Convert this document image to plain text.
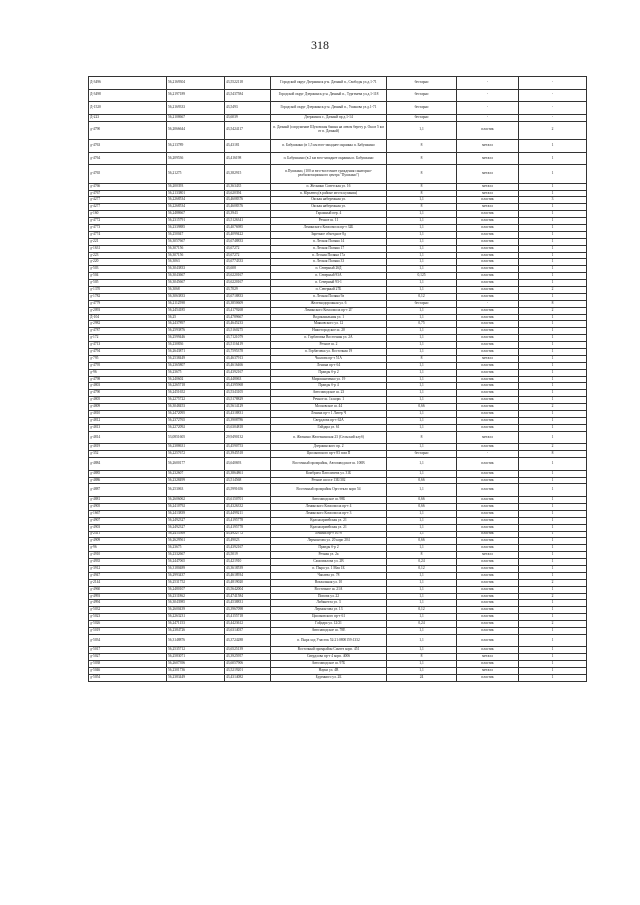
318
Д-3496	56,2169304	43,5522118	Городской округ Дзержинск р-н. Дачный п., Свободы ул.д.1-71	бестарно	-	-
Д-3498	56,2197189	43,5437584	Городской округ Дзержинск р-н. Дачный п., Тургенева ул.д.1-118	бестарно	-	-
Д-1520	56,2169333	43,5493	Городской округ Дзержинск р-н. Дачный п., Ушакова ул.д.1-71	бестарно	-	-
Д-223	56,2108667	43,6039	Дзержинск г., Дачный пр д.1-14	бестарно	-	-
д-4790	56,2066644	43,5424117	п. Дачный (сооружение Шуховская башня на левом берегу р. Ока в 5 км от п. Дачный)	1,1	пластик	2
д-4763	56,213789	43,43181	п. Бабушкино (в 1,5 км юго-западнее окраины п. Бабушкино	8	металл	1
д-4764	56,209536	43,416198	п. Бабушкино (в 2 км юго-западнее окраины п. Бабушкино	8	металл	1
д-4765	56,21275	43,382915	п.Пушкино, (100 м юго-восточнее граждения санаторно-реабилитационного центра "Пушкино")	8	металл	1
д-4766	56,200393	43,363435	п. Желнино Советская ул. 16	8	металл	1
д-4767	56,2133801	43,620394	п. Юрьевец (в районе места купания)	8	металл	1
д-4277	56,2268534	43,4608376	Окская набережная ул.	1,1	пластик	3
д-4277	56,2268534	43,4608376	Окская набережная ул.	8	металл	1
д-160	56,2488667	43,3943	Гаражный пер. 4	1,1	пластик	1
д-4772	56,2315791	43,5126341	Речное ш. 11	1,1	пластик	1
д-4773	56,2339885	43,4076985	Ленинского Комсомола пр-т 32Б	1,1	пластик	1
д-4774	56,250047	43,4099422	Заречное объездное 8д	1,1	пластик	1
д-221	56,3057667	43,6748833	п. Лесная Поляна 14	1,1	пластик	1
д-1631	56,307156	43,67272	п. Лесная Поляна 17	1,1	пластик	1
д-223	56,307156	43,67272	п. Лесная Поляна 17а	1,1	пластик	1
д-220	56,3063	43,6774333	п. Лесная Поляна 33	1,1	пластик	1
д-503	56,3043833	43,608	п. Северный 26Д	1,1	пластик	1
д-504	56,3043667	43,6220167	п. Северный 93А	0,125	пластик	1
д-505	56,3045667	43,6220167	п. Северный 93-1	1,1	пластик	1
д-1370	56,3068	43,7029	п. Северный 27Б	1,1	пластик	2
д-1782	56,3063833	43,6718833	п. Лесная Поляна 9а	0,12	пластик	1
д-4779	56,2112598	43,3850609	Железнодорожная ул. 6	бестарно	-	8
д-2093	56,2454185	43,4179268	Ленинского Комсомола пр-т 2Г	1,1	пластик	2
Д-104	56,25	43,4789667	Водоканальная ул. 1	1,1	пластик	1
д-2982	56,2437897	43,4645233	Маяковского ул. 12	0,75	пластик	1
д-4787	56,2593876	43,5160275	Нижегородское ш. 20	1,1	пластик	1
д-172	56,2599446	43,7121079	п. Горбатовка Восточная ул. 2А	1,1	пластик	1
д-4713	56,230836	43,5116419	Речное ш. 2	1,1	пластик	1
д-4794	56,2643871	43,7595378	п. Горбатовка ул. Восточная 19	1,1	пластик	1
д-795	56,2538449	43,4637913	Чкалова пр-т 51А	8	металл	1
д-4795	56,2365807	43,4616466	Ленина пр-т 64	1,1	пластик	1
д-96	56,23675	43,4392167	Правды б-р 2	1,1	пластик	1
д-4798	56,240602	43,448063	Мирошниченко ул. 19	1,1	пластик	1
д-4803	56,2265718	43,4395968	Правды б-р 4	1,1	пластик	1
д-4790	56,2451652	43,5343105	Автозаводское ш. 23	1,1	пластик	1
д-4805	56,2275722	43,5178829	Речное ш. 1а корп. 1	1,1	пластик	1
д-4809	56,3048453	43,5614129	Московское ш. 44	0,66	пластик	2
д-4810	56,2472095	43,4318831	Ленина пр-т 1 Литер Ч	1,1	пластик	1
д-4812	56,2372765	43,3908786	Свердлова пр-т 62А	1,1	пластик	1
д-4813	56,2272092	43,6304818	Гайдара ул. 61	1,1	пластик	1
д-4814	53,0851605	29,9490132	п. Желнино Железнинская 23 (Сельский клуб)	8	металл	1
д-4819	56,2388631	43,4590753	Дзержинского пр. 2	1,1	пластик	2
д-352	56,2257672	43,3945518	Циолковского пр-т 83 пом П	бестарно	-	8
д-4884	56,2600177	43,640693	Восточный промрайон, Автозаводское ш. 100В	1,1	пластик	1
д-4885	56,232607	43,3864861	Комбрига Патоличева ул. 31Б	1,1	пластик	1
д-4886	56,2328499	43,514568	Речное шоссе 13Б/302	0,66	пластик	1
д-4887	56,253063	43,5991656	Восточный промрайон Оргстекло корп 54	1,1	пластик	1
д-4881	56,2606062	43,6150701	Автозаводское ш. 98Б	0,66	пластик	1
д-4905	56,2410792	43,4326332	Ленинского Комсомола пр-т 4	0,66	пластик	1
д-1667	56,2413839	43,4499211	Ленинского Комсомола пр-т 3	1,1	пластик	1
д-4907	56,2492327	43,4195778	Красноармейская ул. 21	1,1	пластик	1
д-4903	56,2492327	43,4195778	Красноармейская ул. 21	1,1	пластик	1
д-2411	56,2415569	43,4922772	Ленина пр-т 107б	1,1	пластик	1
д-4909	56,2629561	43,49023	Лермонтова ул. 20 корп 204	0,66	пластик	1
д-96	56,23675	43,4392167	Правды б-р 2	1,1	пластик	1
д-4910	56,2332667	43,5019	Речная ул. 2а	8	металл	1
д-4935	56,2447065	43,421910	Самохвалова ул. 2В	0,24	пластик	1
д-3912	56,3180489	43,3618539	п. Пыра ул. 1 Мая 1Б	0,12	пластик	1
д-4947	56,2993437	43,4618934	Чапаева ул. 78	1,1	пластик	1
д-2144	56,2531752	43,4819020	Вокзальная ул. 10	1,1	пластик	2
д-4960	56,2480107	43,5642004	Восточное ш. 21А	1,1	пластик	1
д-4993	56,2311862	43,4741584	Попова ул. 22	1,1	пластик	2
д-4994	56,3043985	43,4538831	Либкнехта ул. 3	1,1	пластик	1
д-5032	56,2600439	43,3967098	Лермонтова ул. 13	0,12	пластик	1
д-5023	56,2263231	43,4155718	Циолковского пр-т 61	1,1	пластик	1
д-5026	56,2471153	43,4423612	Гайдара ул. 12/21	0,24	пластик	2
д-5019	56,2384726	43,6314037	Автозаводское ш. 78Е	1,1	пластик	1
д-5034	56,3148876	43,3724288	п. Пыра ход Участок 52:21:0800159:1332	1,1	пластик	1
д-5017	56,2535712	43,6525139	Восточный промрайон Синтез корп. 451	1,1	пластик	1
д-5027	56,2583071	43,3925957	Свердлова пр-т 4 корп. 4006	8	металл	1
д-5038	56,2607396	43,6057906	Автозаводское ш. 97Б	1,1	пластик	1
д-5046	56,2301736	43,5219201	Науки ул. 4В	1,1	металл	1
д-5054	56,2383449	43,4314082	Буденного ул. 2Б	24	пластик	1
